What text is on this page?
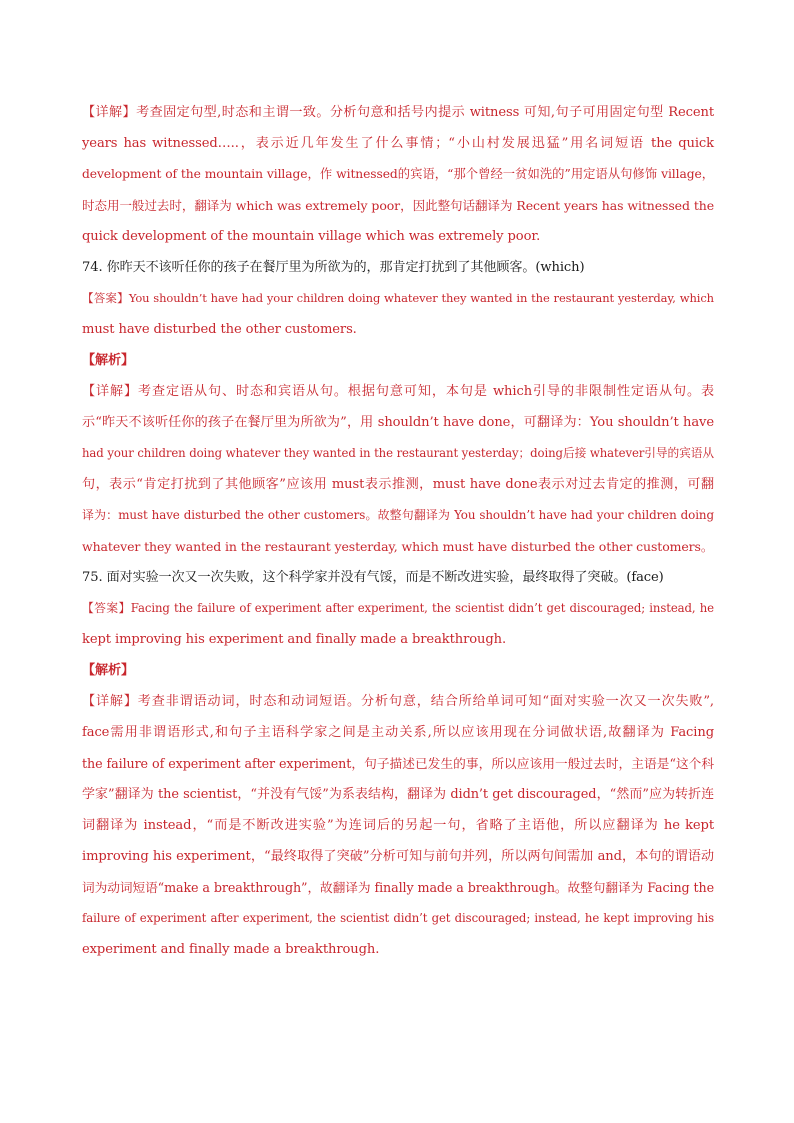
【详解】考查固定句型,时态和主谓一致。分析句意和括号内提示 witness 可知,句子可用固定句型 Recent
years has witnessed…..，表示近几年发生了什么事情；“小山村发展迅猛”用名词短语 the quick
development of the mountain village，作 witnessed的宾语，“那个曾经一贫如洗的”用定语从句修饰 village，
时态用一般过去时，翻译为 which was extremely poor，因此整句话翻译为 Recent years has witnessed the
quick development of the mountain village which was extremely poor.
74. 你昨天不该听任你的孩子在餐厅里为所欲为的，那肯定打扰到了其他顾客。(which)
【答案】You shouldn’t have had your children doing whatever they wanted in the restaurant yesterday, which
must have disturbed the other customers.
【解析】
【详解】考查定语从句、时态和宾语从句。根据句意可知，本句是 which引导的非限制性定语从句。表
示“昨天不该听任你的孩子在餐厅里为所欲为”，用 shouldn’t have done，可翻译为：You shouldn’t have
had your children doing whatever they wanted in the restaurant yesterday；doing后接 whatever引导的宾语从
句，表示“肯定打扰到了其他顾客”应该用 must表示推测，must have done表示对过去肯定的推测，可翻
译为：must have disturbed the other customers。故整句翻译为 You shouldn’t have had your children doing
whatever they wanted in the restaurant yesterday, which must have disturbed the other customers。
75. 面对实验一次又一次失败，这个科学家并没有气馁，而是不断改进实验，最终取得了突破。(face)
【答案】Facing the failure of experiment after experiment, the scientist didn’t get discouraged; instead, he
kept improving his experiment and finally made a breakthrough.
【解析】
【详解】考查非谓语动词，时态和动词短语。分析句意，结合所给单词可知“面对实验一次又一次失败”,
face需用非谓语形式,和句子主语科学家之间是主动关系,所以应该用现在分词做状语,故翻译为 Facing
the failure of experiment after experiment，句子描述已发生的事，所以应该用一般过去时，主语是“这个科
学家”翻译为 the scientist，“并没有气馁”为系表结构，翻译为 didn’t get discouraged，“然而”应为转折连
词翻译为 instead，“而是不断改进实验”为连词后的另起一句，省略了主语他，所以应翻译为 he kept
improving his experiment，“最终取得了突破”分析可知与前句并列，所以两句间需加 and，本句的谓语动
词为动词短语“make a breakthrough”，故翻译为 finally made a breakthrough。故整句翻译为 Facing the
failure of experiment after experiment, the scientist didn’t get discouraged; instead, he kept improving his
experiment and finally made a breakthrough.
